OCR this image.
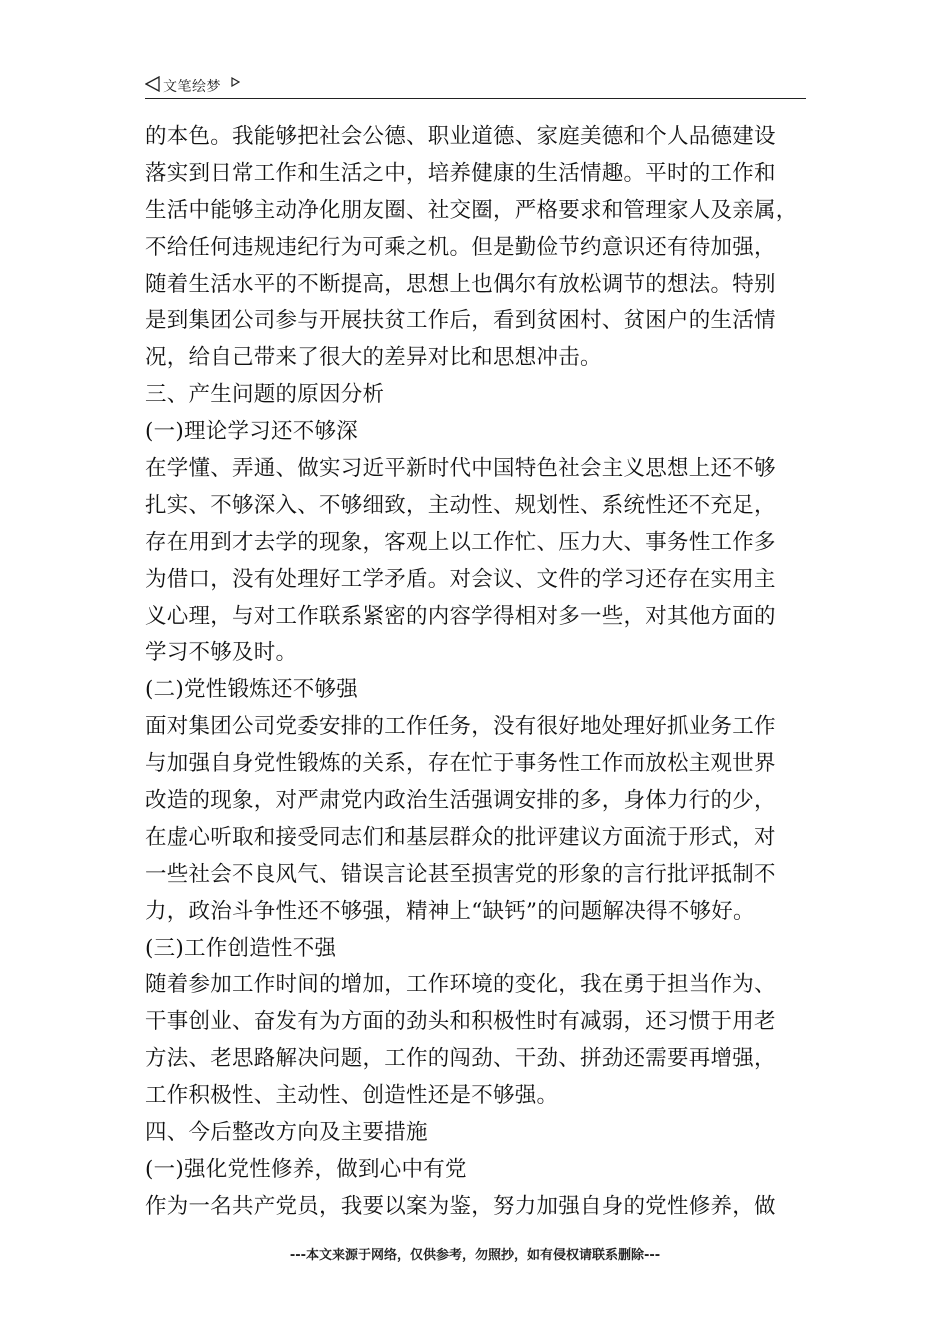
文笔绘梦
的本色。我能够把社会公德、职业道德、家庭美德和个人品德建设
落实到日常工作和生活之中，培养健康的生活情趣。平时的工作和
生活中能够主动净化朋友圈、社交圈，严格要求和管理家人及亲属，
不给任何违规违纪行为可乘之机。但是勤俭节约意识还有待加强，
随着生活水平的不断提高，思想上也偶尔有放松调节的想法。特别
是到集团公司参与开展扶贫工作后，看到贫困村、贫困户的生活情
况，给自己带来了很大的差异对比和思想冲击。
三、产生问题的原因分析
(一)理论学习还不够深
在学懂、弄通、做实习近平新时代中国特色社会主义思想上还不够
扎实、不够深入、不够细致，主动性、规划性、系统性还不充足，
存在用到才去学的现象，客观上以工作忙、压力大、事务性工作多
为借口，没有处理好工学矛盾。对会议、文件的学习还存在实用主
义心理，与对工作联系紧密的内容学得相对多一些，对其他方面的
学习不够及时。
(二)党性锻炼还不够强
面对集团公司党委安排的工作任务，没有很好地处理好抓业务工作
与加强自身党性锻炼的关系，存在忙于事务性工作而放松主观世界
改造的现象，对严肃党内政治生活强调安排的多，身体力行的少，
在虚心听取和接受同志们和基层群众的批评建议方面流于形式，对
一些社会不良风气、错误言论甚至损害党的形象的言行批评抵制不
力，政治斗争性还不够强，精神上“缺钙”的问题解决得不够好。
(三)工作创造性不强
随着参加工作时间的增加，工作环境的变化，我在勇于担当作为、
干事创业、奋发有为方面的劲头和积极性时有减弱，还习惯于用老
方法、老思路解决问题，工作的闯劲、干劲、拼劲还需要再增强，
工作积极性、主动性、创造性还是不够强。
四、今后整改方向及主要措施
(一)强化党性修养，做到心中有党
作为一名共产党员，我要以案为鉴，努力加强自身的党性修养，做
---本文来源于网络，仅供参考，勿照抄，如有侵权请联系删除---
